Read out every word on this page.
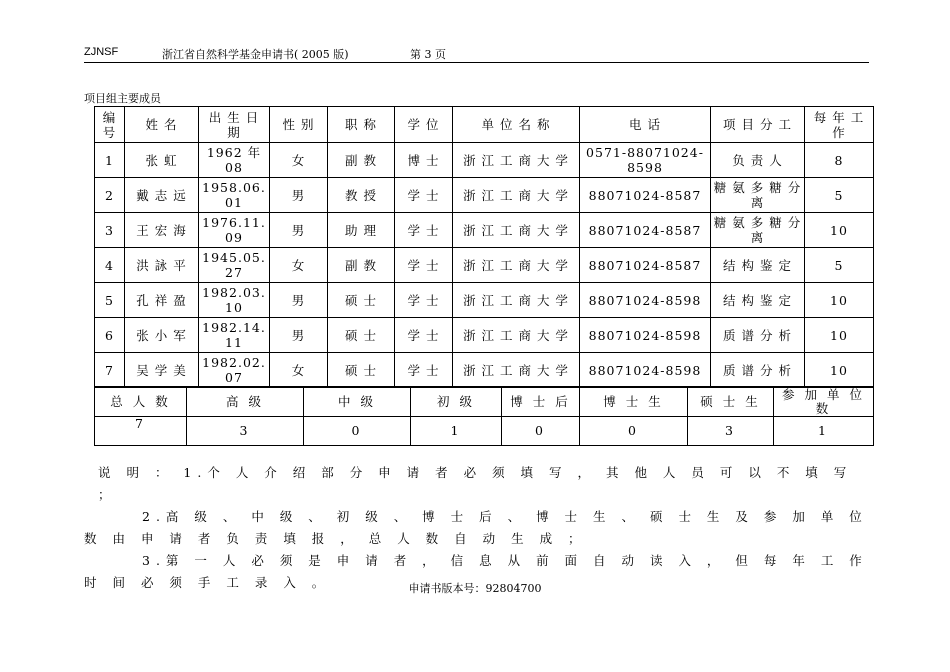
ZJNSF	浙江省自然科学基金申请书( 2005 版)	第 3 页
项目组主要成员
编号	姓 名	出 生 日 期	性 别	职 称	学 位	单 位 名 称	电 话	项 目 分 工	每 年 工 作
1	张 虹	1962 年 08	女	副 教	博 士	浙 江 工 商 大 学	0571-88071024-8598	负 责 人	8
2	戴 志 远	1958.06. 01	男	教 授	学 士	浙 江 工 商 大 学	88071024-8587	糖 氨 多 糖 分 离	5
3	王 宏 海	1976.11. 09	男	助 理	学 士	浙 江 工 商 大 学	88071024-8587	糖 氨 多 糖 分 离	10
4	洪 詠 平	1945.05. 27	女	副 教	学 士	浙 江 工 商 大 学	88071024-8587	结 构 鉴 定	5
5	孔 祥 盈	1982.03. 10	男	硕 士	学 士	浙 江 工 商 大 学	88071024-8598	结 构 鉴 定	10
6	张 小 军	1982.14. 11	男	硕 士	学 士	浙 江 工 商 大 学	88071024-8598	质 谱 分 析	10
7	吴 学 美	1982.02. 07	女	硕 士	学 士	浙 江 工 商 大 学	88071024-8598	质 谱 分 析	10
总 人 数	高 级	中 级	初 级	博 士 后	博 士 生	硕 士 生	参 加 单 位 数
7	3	0	1	0	0	3	1

说 明 ： 1.个 人 介 绍 部 分 申 请 者 必 须 填 写 ， 其 他 人 员 可 以 不 填 写 ；

2.高 级 、 中 级 、 初 级 、 博 士 后 、 博 士 生 、 硕 士 生 及 参 加 单 位 数 由 申 请 者 负 责 填 报 ， 总 人 数 自 动 生 成 ；

3.第 一 人 必 须 是 申 请 者 ， 信 息 从 前 面 自 动 读 入 ， 但 每 年 工 作 时 间 必 须 手 工 录 入 。	申请书版本号：92804700
